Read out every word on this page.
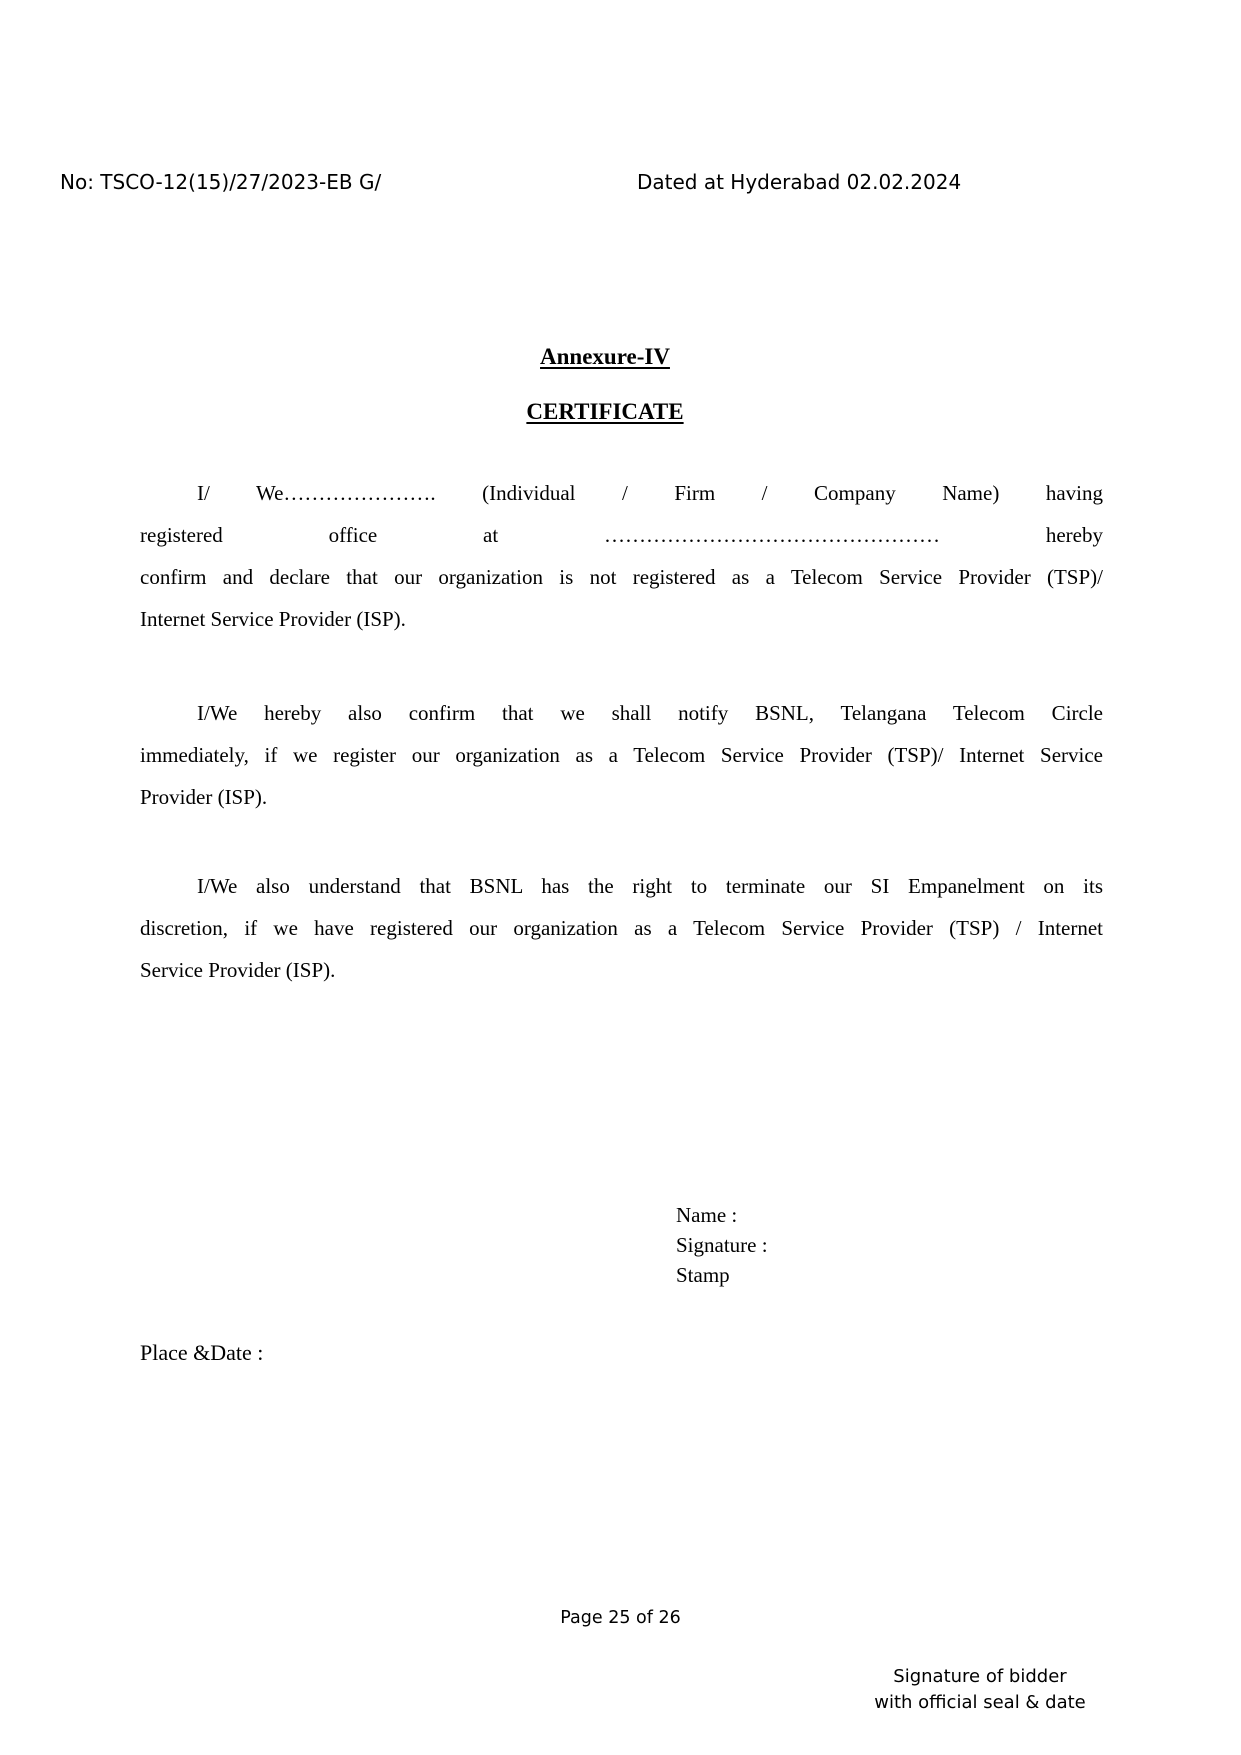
No: TSCO-12(15)/27/2023-EB G/	Dated at Hyderabad 02.02.2024
Annexure-IV
CERTIFICATE
I/ We…………………. (Individual / Firm / Company Name) having
registered office at ………………………………………… hereby
confirm and declare that our organization is not registered as a Telecom Service Provider (TSP)/
Internet Service Provider (ISP).
I/We hereby also confirm that we shall notify BSNL, Telangana Telecom Circle
immediately, if we register our organization as a Telecom Service Provider (TSP)/ Internet Service
Provider (ISP).
I/We also understand that BSNL has the right to terminate our SI Empanelment on its
discretion, if we have registered our organization as a Telecom Service Provider (TSP) / Internet
Service Provider (ISP).
Name :
Signature :
Stamp
Place &Date :
Page 25 of 26
Signature of bidder
with official seal & date
